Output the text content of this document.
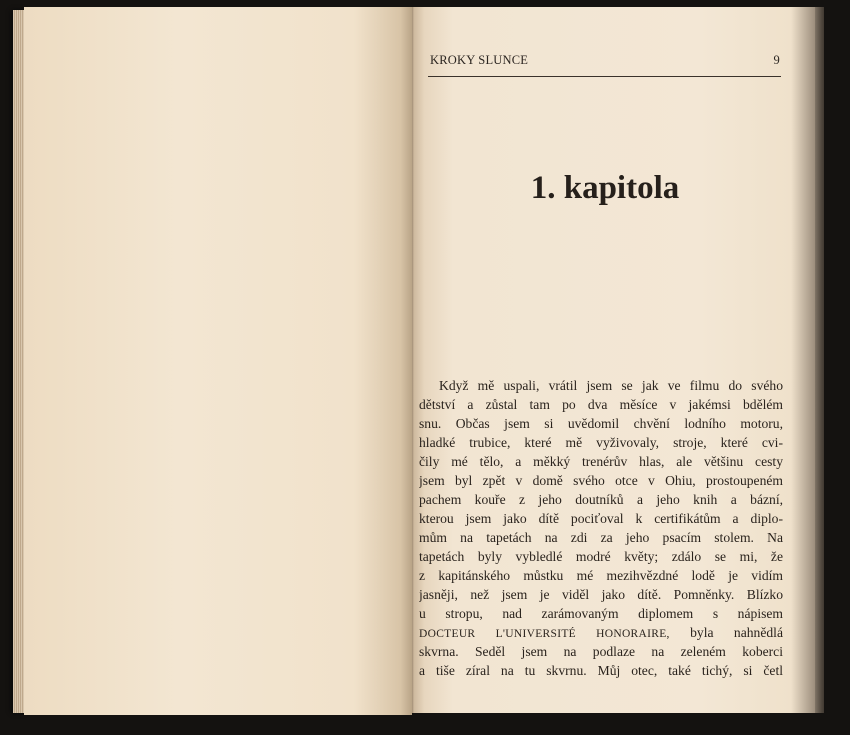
KROKY SLUNCE	9
1. kapitola
Když mě uspali, vrátil jsem se jak ve filmu do svého
dětství a zůstal tam po dva měsíce v jakémsi bdělém
snu. Občas jsem si uvědomil chvění lodního motoru,
hladké trubice, které mě vyživovaly, stroje, které cvi-
čily mé tělo, a měkký trenérův hlas, ale většinu cesty
jsem byl zpět v domě svého otce v Ohiu, prostoupeném
pachem kouře z jeho doutníků a jeho knih a bázní,
kterou jsem jako dítě pociťoval k certifikátům a diplo-
mům na tapetách na zdi za jeho psacím stolem. Na
tapetách byly vybledlé modré květy; zdálo se mi, že
z kapitánského můstku mé mezihvězdné lodě je vidím
jasněji, než jsem je viděl jako dítě. Pomněnky. Blízko
u stropu, nad zarámovaným diplomem s nápisem
DOCTEUR L'UNIVERSITÉ HONORAIRE, byla nahnědlá
skvrna. Seděl jsem na podlaze na zeleném koberci
a tiše zíral na tu skvrnu. Můj otec, také tichý, si četl
